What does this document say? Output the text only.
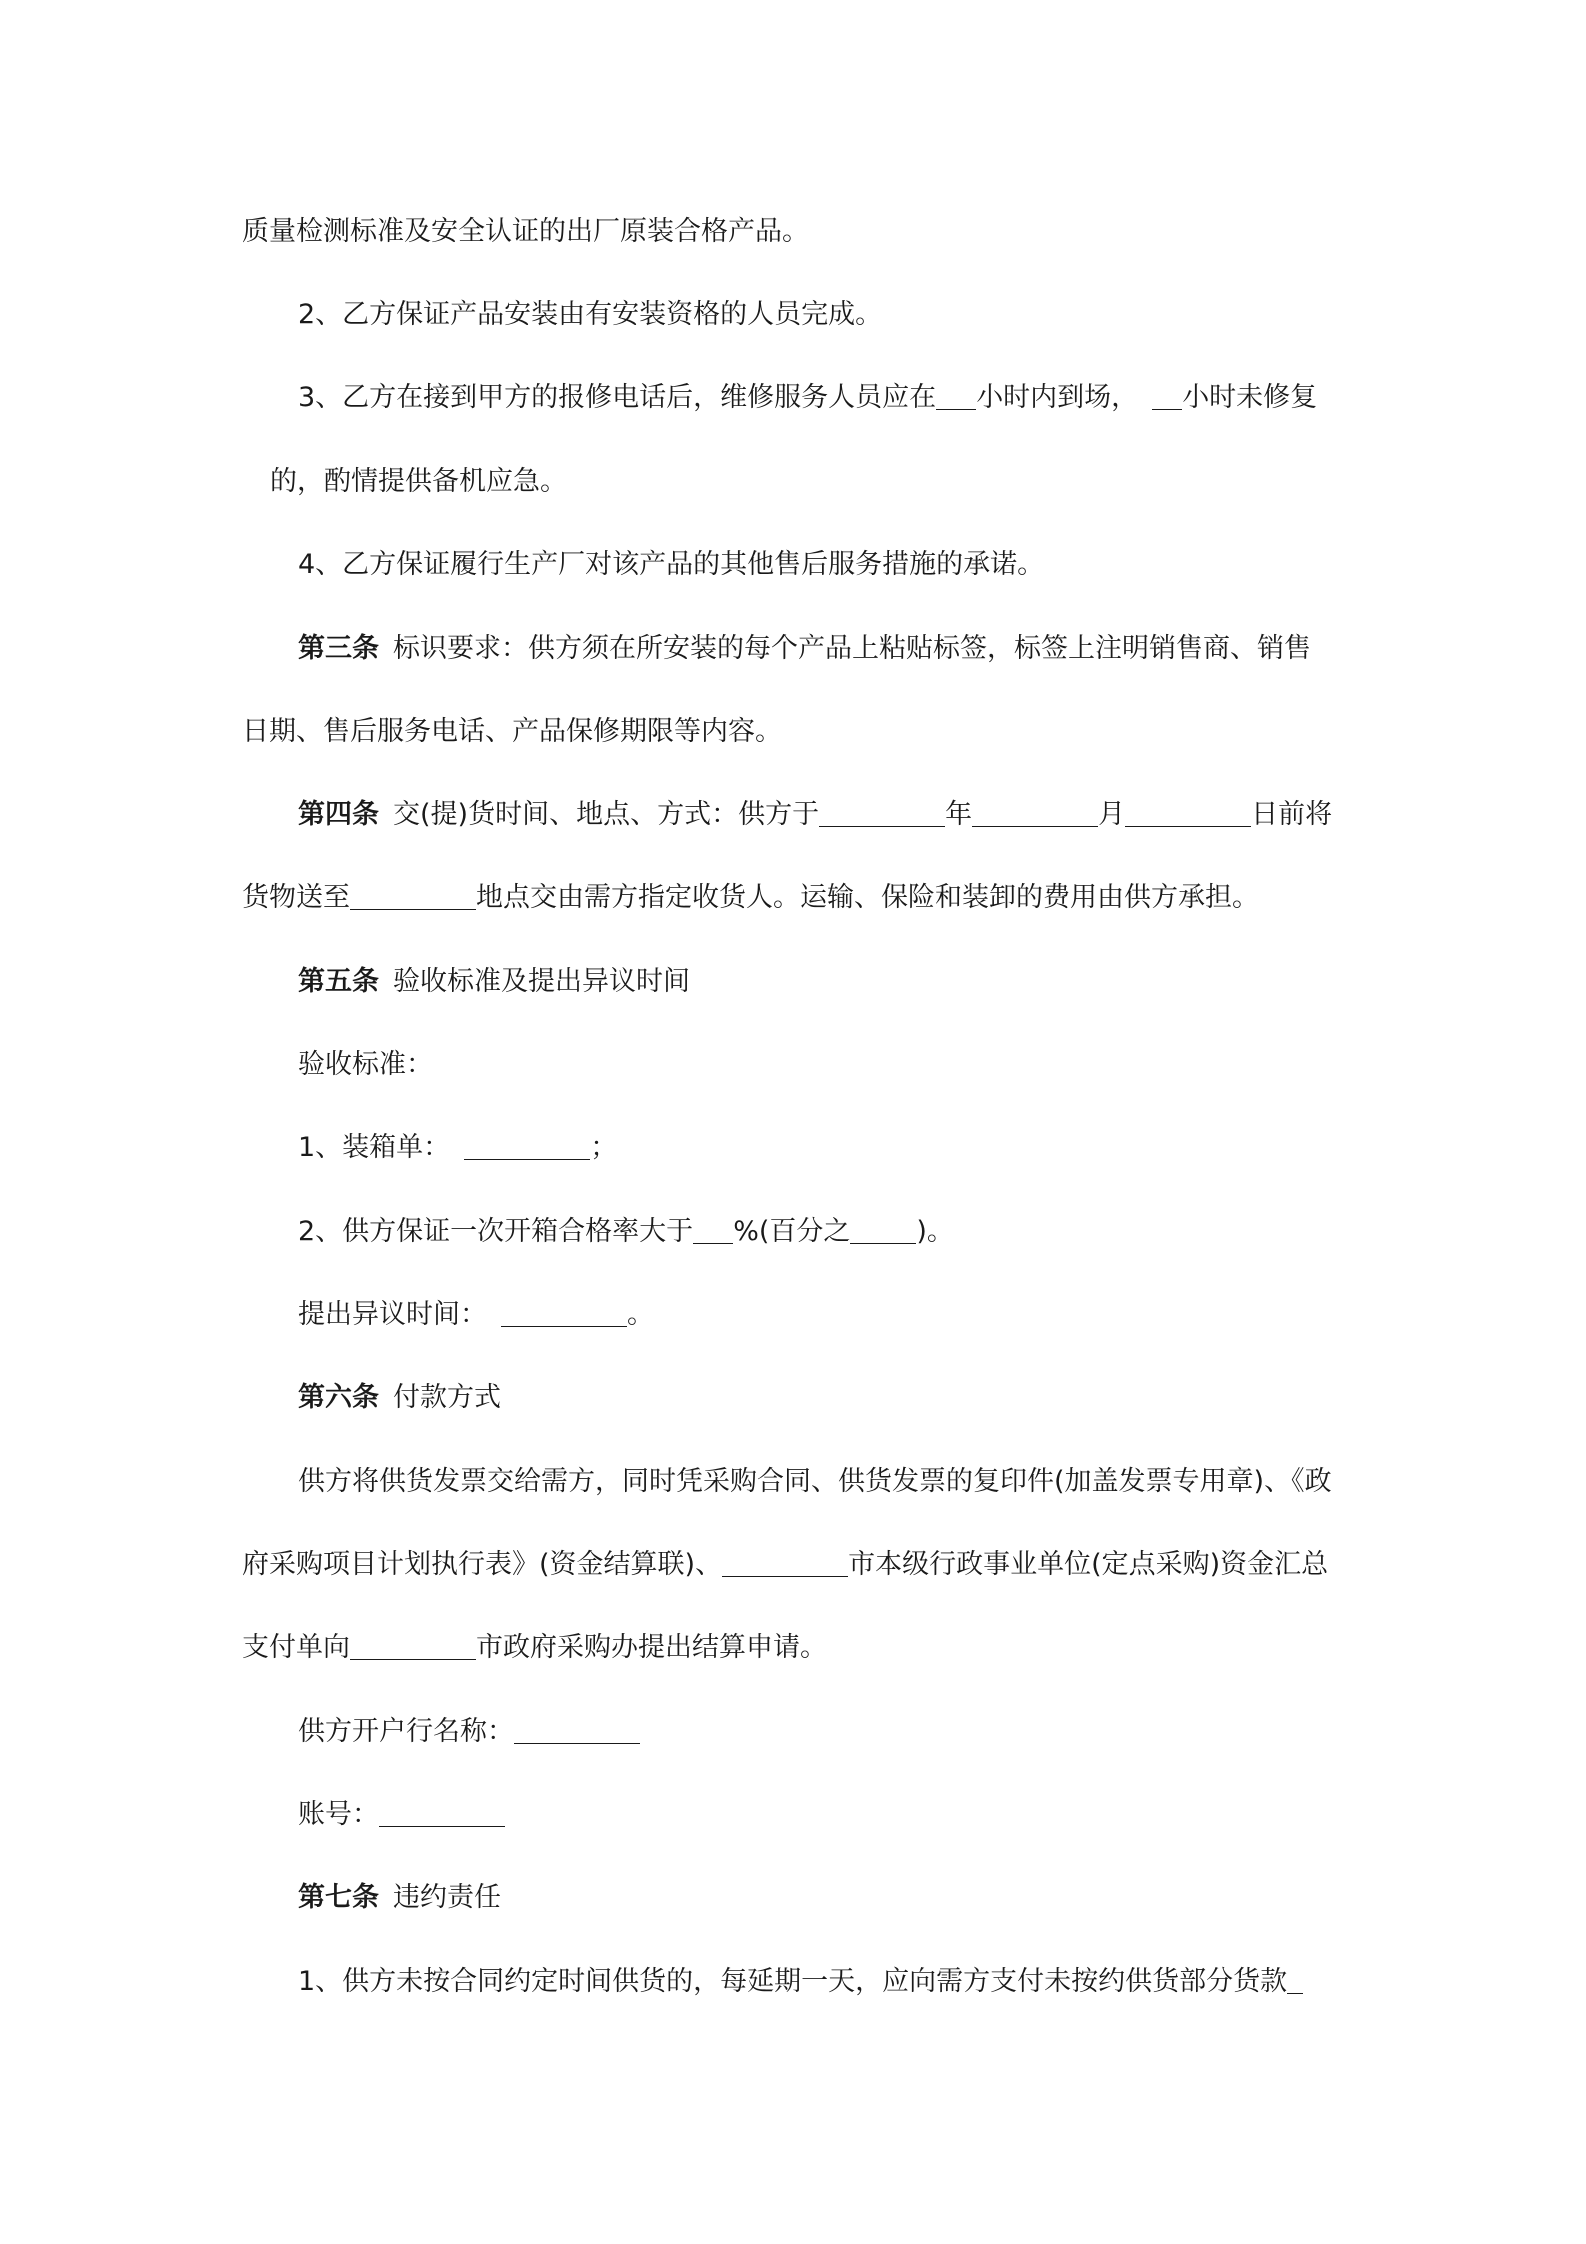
质量检测标准及安全认证的出厂原装合格产品。
2、乙方保证产品安装由有安装资格的人员完成。
3、乙方在接到甲方的报修电话后，维修服务人员应在 小时内到场， 小时未修复
的，酌情提供备机应急。
4、乙方保证履行生产厂对该产品的其他售后服务措施的承诺。
第三条 标识要求：供方须在所安装的每个产品上粘贴标签，标签上注明销售商、销售
日期、售后服务电话、产品保修期限等内容。
第四条 交(提)货时间、地点、方式：供方于	年	月	日前将
货物送至	地点交由需方指定收货人。运输、保险和装卸的费用由供方承担。
第五条 验收标准及提出异议时间
验收标准：
1、装箱单：	；
2、供方保证一次开箱合格率大于 %(百分之 )。
提出异议时间：	。
第六条 付款方式
供方将供货发票交给需方，同时凭采购合同、供货发票的复印件(加盖发票专用章)、《政
府采购项目计划执行表》(资金结算联)、	市本级行政事业单位(定点采购)资金汇总
支付单向	市政府采购办提出结算申请。
供方开户行名称：
账号：
第七条 违约责任
1、供方未按合同约定时间供货的，每延期一天，应向需方支付未按约供货部分货款
